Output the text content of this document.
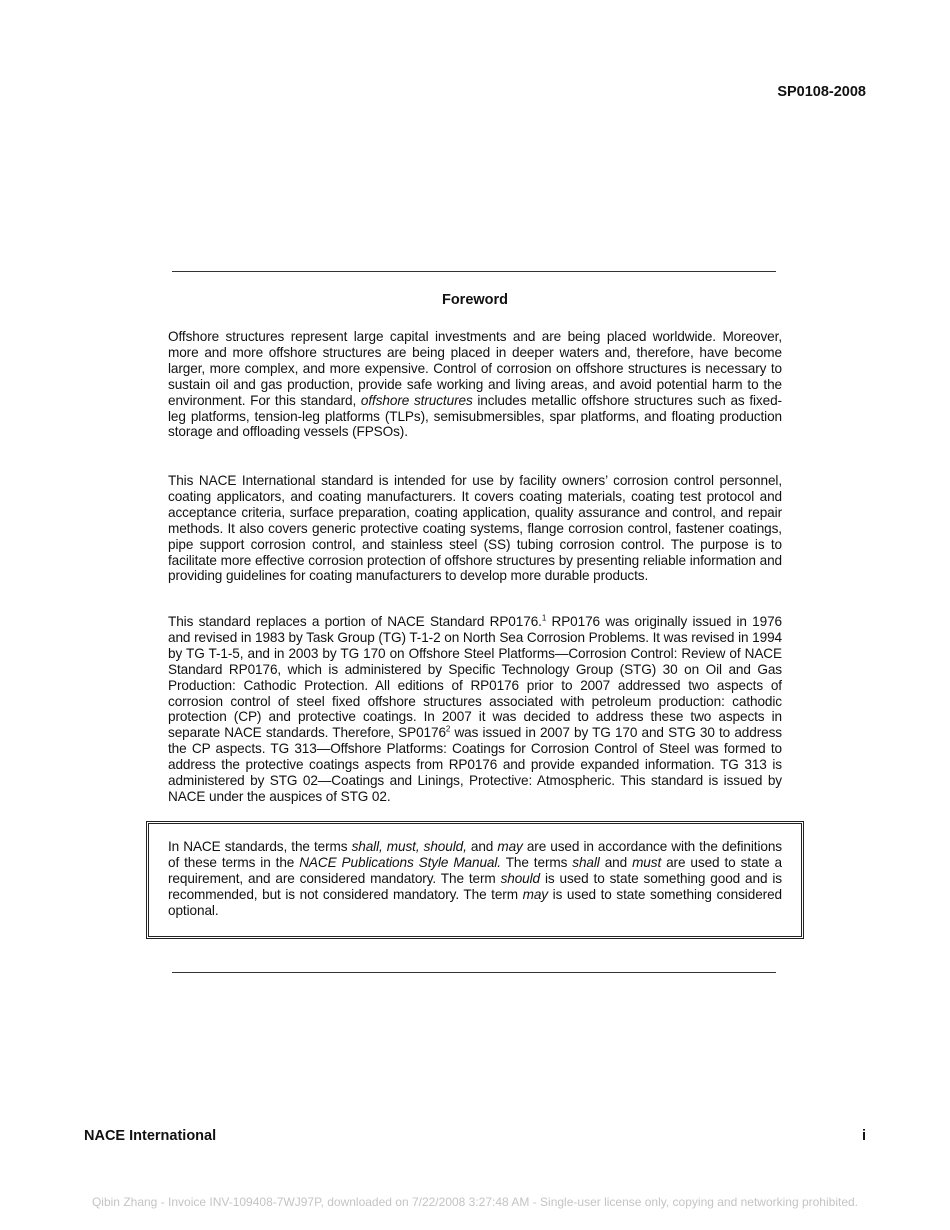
SP0108-2008
Foreword

Offshore structures represent large capital investments and are being placed worldwide. Moreover, more and more offshore structures are being placed in deeper waters and, therefore, have become larger, more complex, and more expensive. Control of corrosion on offshore structures is necessary to sustain oil and gas production, provide safe working and living areas, and avoid potential harm to the environment. For this standard, offshore structures includes metallic offshore structures such as fixed-leg platforms, tension-leg platforms (TLPs), semisubmersibles, spar platforms, and floating production storage and offloading vessels (FPSOs).

This NACE International standard is intended for use by facility owners’ corrosion control personnel, coating applicators, and coating manufacturers. It covers coating materials, coating test protocol and acceptance criteria, surface preparation, coating application, quality assurance and control, and repair methods. It also covers generic protective coating systems, flange corrosion control, fastener coatings, pipe support corrosion control, and stainless steel (SS) tubing corrosion control. The purpose is to facilitate more effective corrosion protection of offshore structures by presenting reliable information and providing guidelines for coating manufacturers to develop more durable products.

This standard replaces a portion of NACE Standard RP0176.$^1$ RP0176 was originally issued in 1976 and revised in 1983 by Task Group (TG) T-1-2 on North Sea Corrosion Problems. It was revised in 1994 by TG T-1-5, and in 2003 by TG 170 on Offshore Steel Platforms—Corrosion Control: Review of NACE Standard RP0176, which is administered by Specific Technology Group (STG) 30 on Oil and Gas Production: Cathodic Protection. All editions of RP0176 prior to 2007 addressed two aspects of corrosion control of steel fixed offshore structures associated with petroleum production: cathodic protection (CP) and protective coatings. In 2007 it was decided to address these two aspects in separate NACE standards. Therefore, SP0176$^2$ was issued in 2007 by TG 170 and STG 30 to address the CP aspects. TG 313—Offshore Platforms: Coatings for Corrosion Control of Steel was formed to address the protective coatings aspects from RP0176 and provide expanded information. TG 313 is administered by STG 02—Coatings and Linings, Protective: Atmospheric. This standard is issued by NACE under the auspices of STG 02.

In NACE standards, the terms shall, must, should, and may are used in accordance with the definitions of these terms in the NACE Publications Style Manual. The terms shall and must are used to state a requirement, and are considered mandatory. The term should is used to state something good and is recommended, but is not considered mandatory. The term may is used to state something considered optional.
NACE International	i
Qibin Zhang - Invoice INV-109408-7WJ97P, downloaded on 7/22/2008 3:27:48 AM - Single-user license only, copying and networking prohibited.
